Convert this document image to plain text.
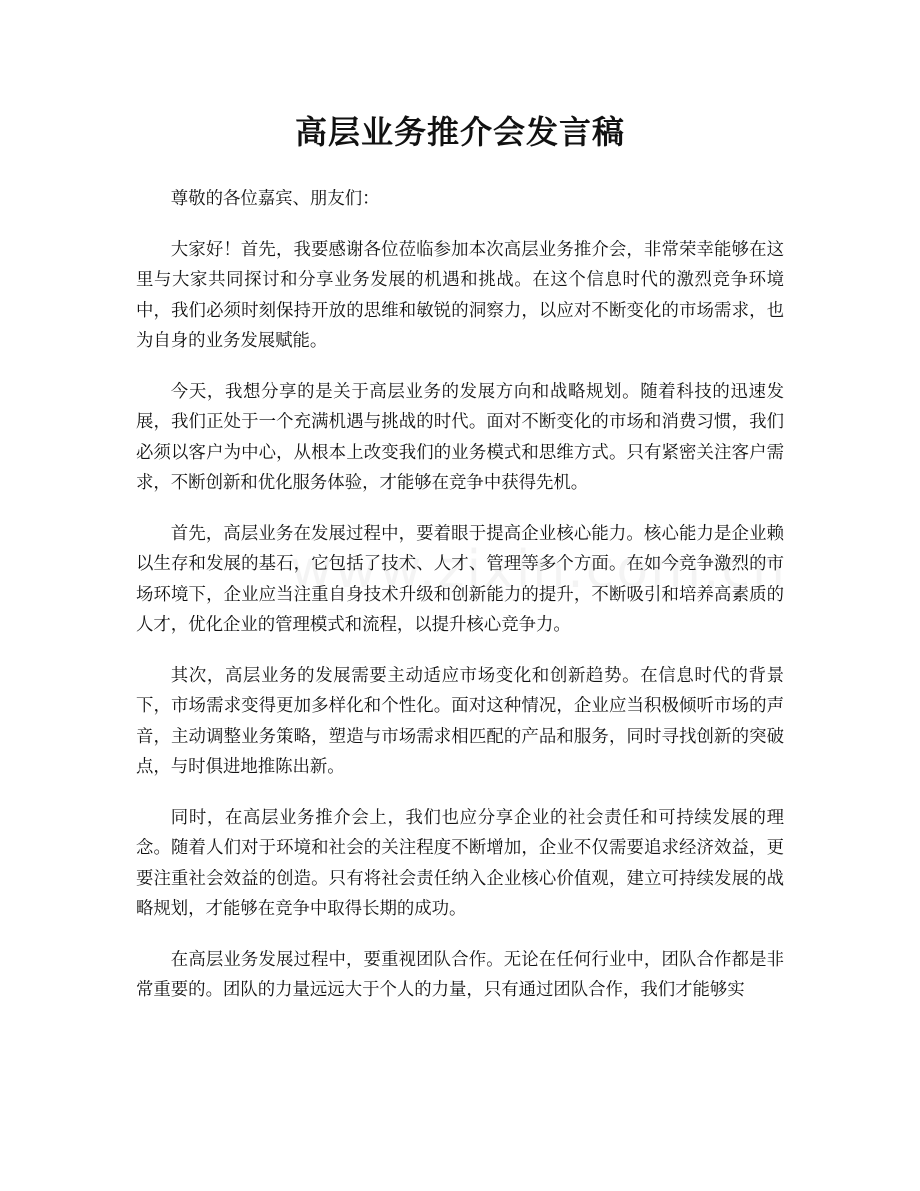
高层业务推介会发言稿

尊敬的各位嘉宾、朋友们：

大家好！首先，我要感谢各位莅临参加本次高层业务推介会，非常荣幸能够在这里与大家共同探讨和分享业务发展的机遇和挑战。在这个信息时代的激烈竞争环境中，我们必须时刻保持开放的思维和敏锐的洞察力，以应对不断变化的市场需求，也为自身的业务发展赋能。

今天，我想分享的是关于高层业务的发展方向和战略规划。随着科技的迅速发展，我们正处于一个充满机遇与挑战的时代。面对不断变化的市场和消费习惯，我们必须以客户为中心，从根本上改变我们的业务模式和思维方式。只有紧密关注客户需求，不断创新和优化服务体验，才能够在竞争中获得先机。

首先，高层业务在发展过程中，要着眼于提高企业核心能力。核心能力是企业赖以生存和发展的基石，它包括了技术、人才、管理等多个方面。在如今竞争激烈的市场环境下，企业应当注重自身技术升级和创新能力的提升，不断吸引和培养高素质的人才，优化企业的管理模式和流程，以提升核心竞争力。

其次，高层业务的发展需要主动适应市场变化和创新趋势。在信息时代的背景下，市场需求变得更加多样化和个性化。面对这种情况，企业应当积极倾听市场的声音，主动调整业务策略，塑造与市场需求相匹配的产品和服务，同时寻找创新的突破点，与时俱进地推陈出新。

同时，在高层业务推介会上，我们也应分享企业的社会责任和可持续发展的理念。随着人们对于环境和社会的关注程度不断增加，企业不仅需要追求经济效益，更要注重社会效益的创造。只有将社会责任纳入企业核心价值观，建立可持续发展的战略规划，才能够在竞争中取得长期的成功。

在高层业务发展过程中，要重视团队合作。无论在任何行业中，团队合作都是非常重要的。团队的力量远远大于个人的力量，只有通过团队合作，我们才能够实
